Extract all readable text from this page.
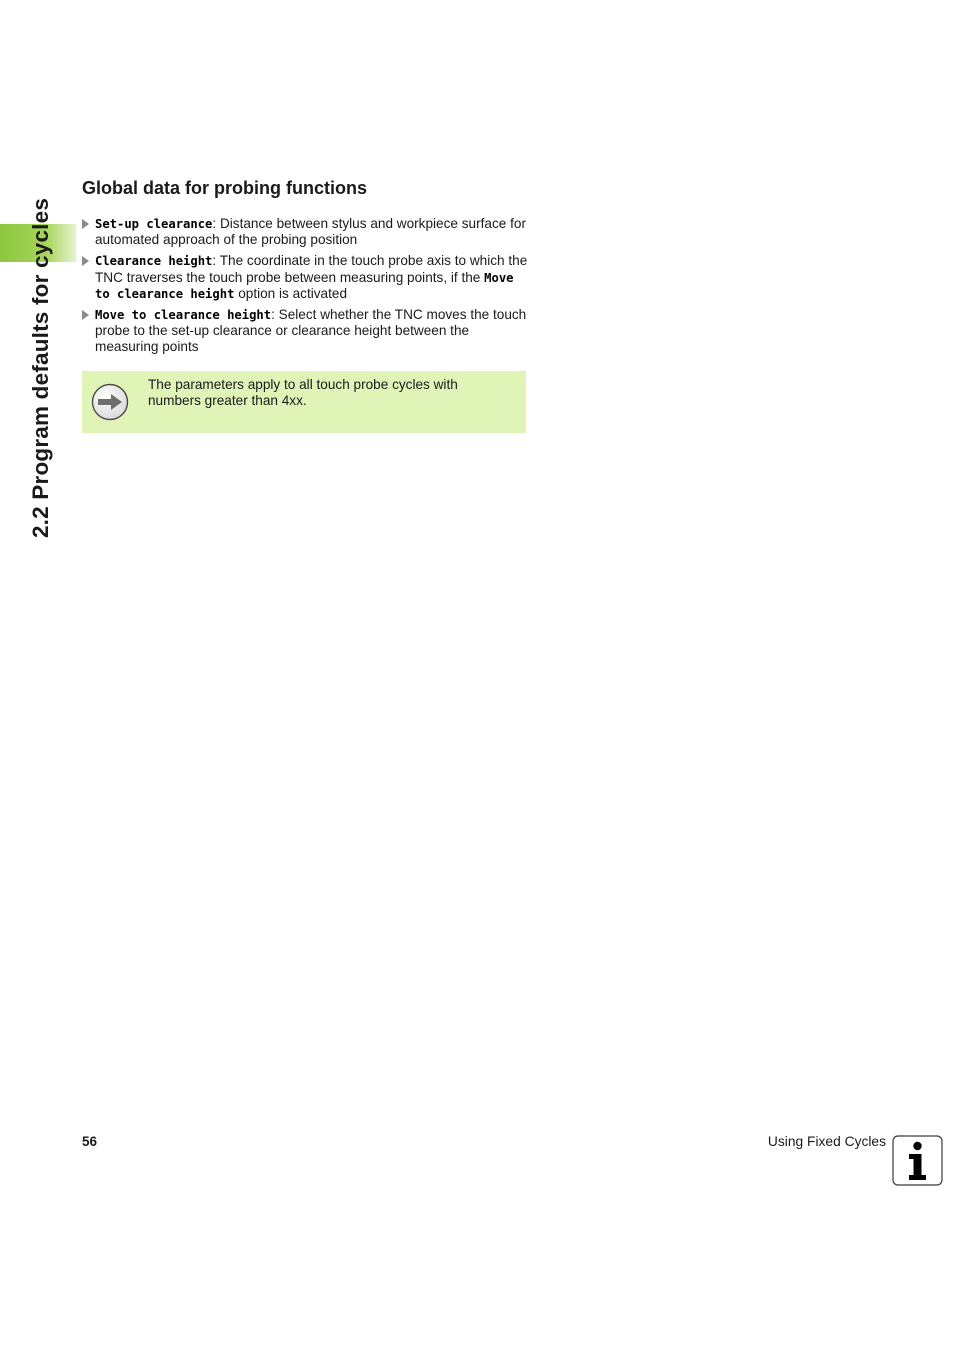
2.2 Program defaults for cycles
Global data for probing functions
Set-up clearance: Distance between stylus and workpiece surface for automated approach of the probing position
Clearance height: The coordinate in the touch probe axis to which the TNC traverses the touch probe between measuring points, if the Move to clearance height option is activated
Move to clearance height: Select whether the TNC moves the touch probe to the set-up clearance or clearance height between the measuring points
The parameters apply to all touch probe cycles with numbers greater than 4xx.
56	Using Fixed Cycles
